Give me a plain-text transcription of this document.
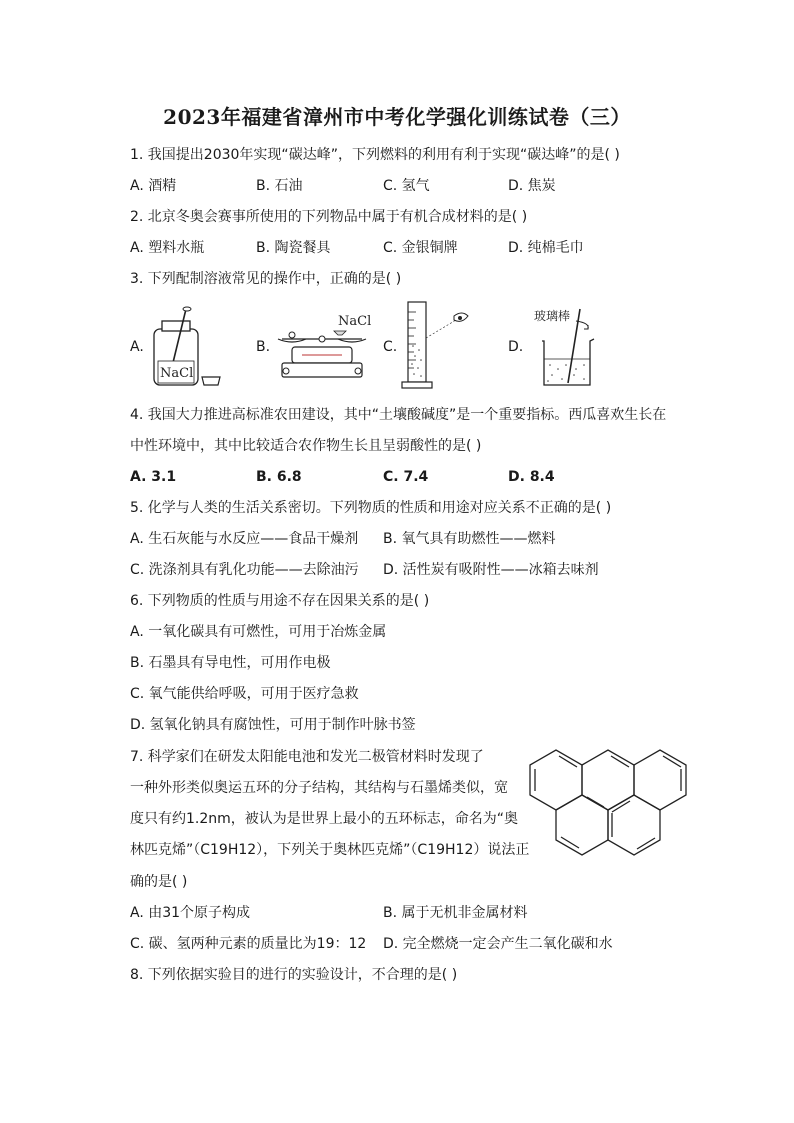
2023年福建省漳州市中考化学强化训练试卷（三）
1. 我国提出2030年实现“碳达峰”，下列燃料的利用有利于实现“碳达峰”的是( )
A. 酒精	B. 石油	C. 氢气	D. 焦炭
2. 北京冬奥会赛事所使用的下列物品中属于有机合成材料的是( )
A. 塑料水瓶	B. 陶瓷餐具	C. 金银铜牌	D. 纯棉毛巾
3. 下列配制溶液常见的操作中，正确的是( )
A.	B.	C.	D.
NaCl
NaCl	玻璃棒
4. 我国大力推进高标准农田建设，其中“土壤酸碱度”是一个重要指标。西瓜喜欢生长在
中性环境中，其中比较适合农作物生长且呈弱酸性的是( )
A. 3.1	B. 6.8	C. 7.4	D. 8.4
5. 化学与人类的生活关系密切。下列物质的性质和用途对应关系不正确的是( )
A. 生石灰能与水反应——食品干燥剂 B. 氧气具有助燃性——燃料
C. 洗涤剂具有乳化功能——去除油污 D. 活性炭有吸附性——冰箱去味剂
6. 下列物质的性质与用途不存在因果关系的是( )
A. 一氧化碳具有可燃性，可用于冶炼金属
B. 石墨具有导电性，可用作电极
C. 氧气能供给呼吸，可用于医疗急救
D. 氢氧化钠具有腐蚀性，可用于制作叶脉书签
7. 科学家们在研发太阳能电池和发光二极管材料时发现了
一种外形类似奥运五环的分子结构，其结构与石墨烯类似，宽
度只有约1.2nm，被认为是世界上最小的五环标志，命名为“奥
林匹克烯”（C19H12），下列关于奥林匹克烯”（C19H12）说法正
确的是( )
A. 由31个原子构成	B. 属于无机非金属材料
C. 碳、氢两种元素的质量比为19：12 D. 完全燃烧一定会产生二氧化碳和水
8. 下列依据实验目的进行的实验设计，不合理的是( )
